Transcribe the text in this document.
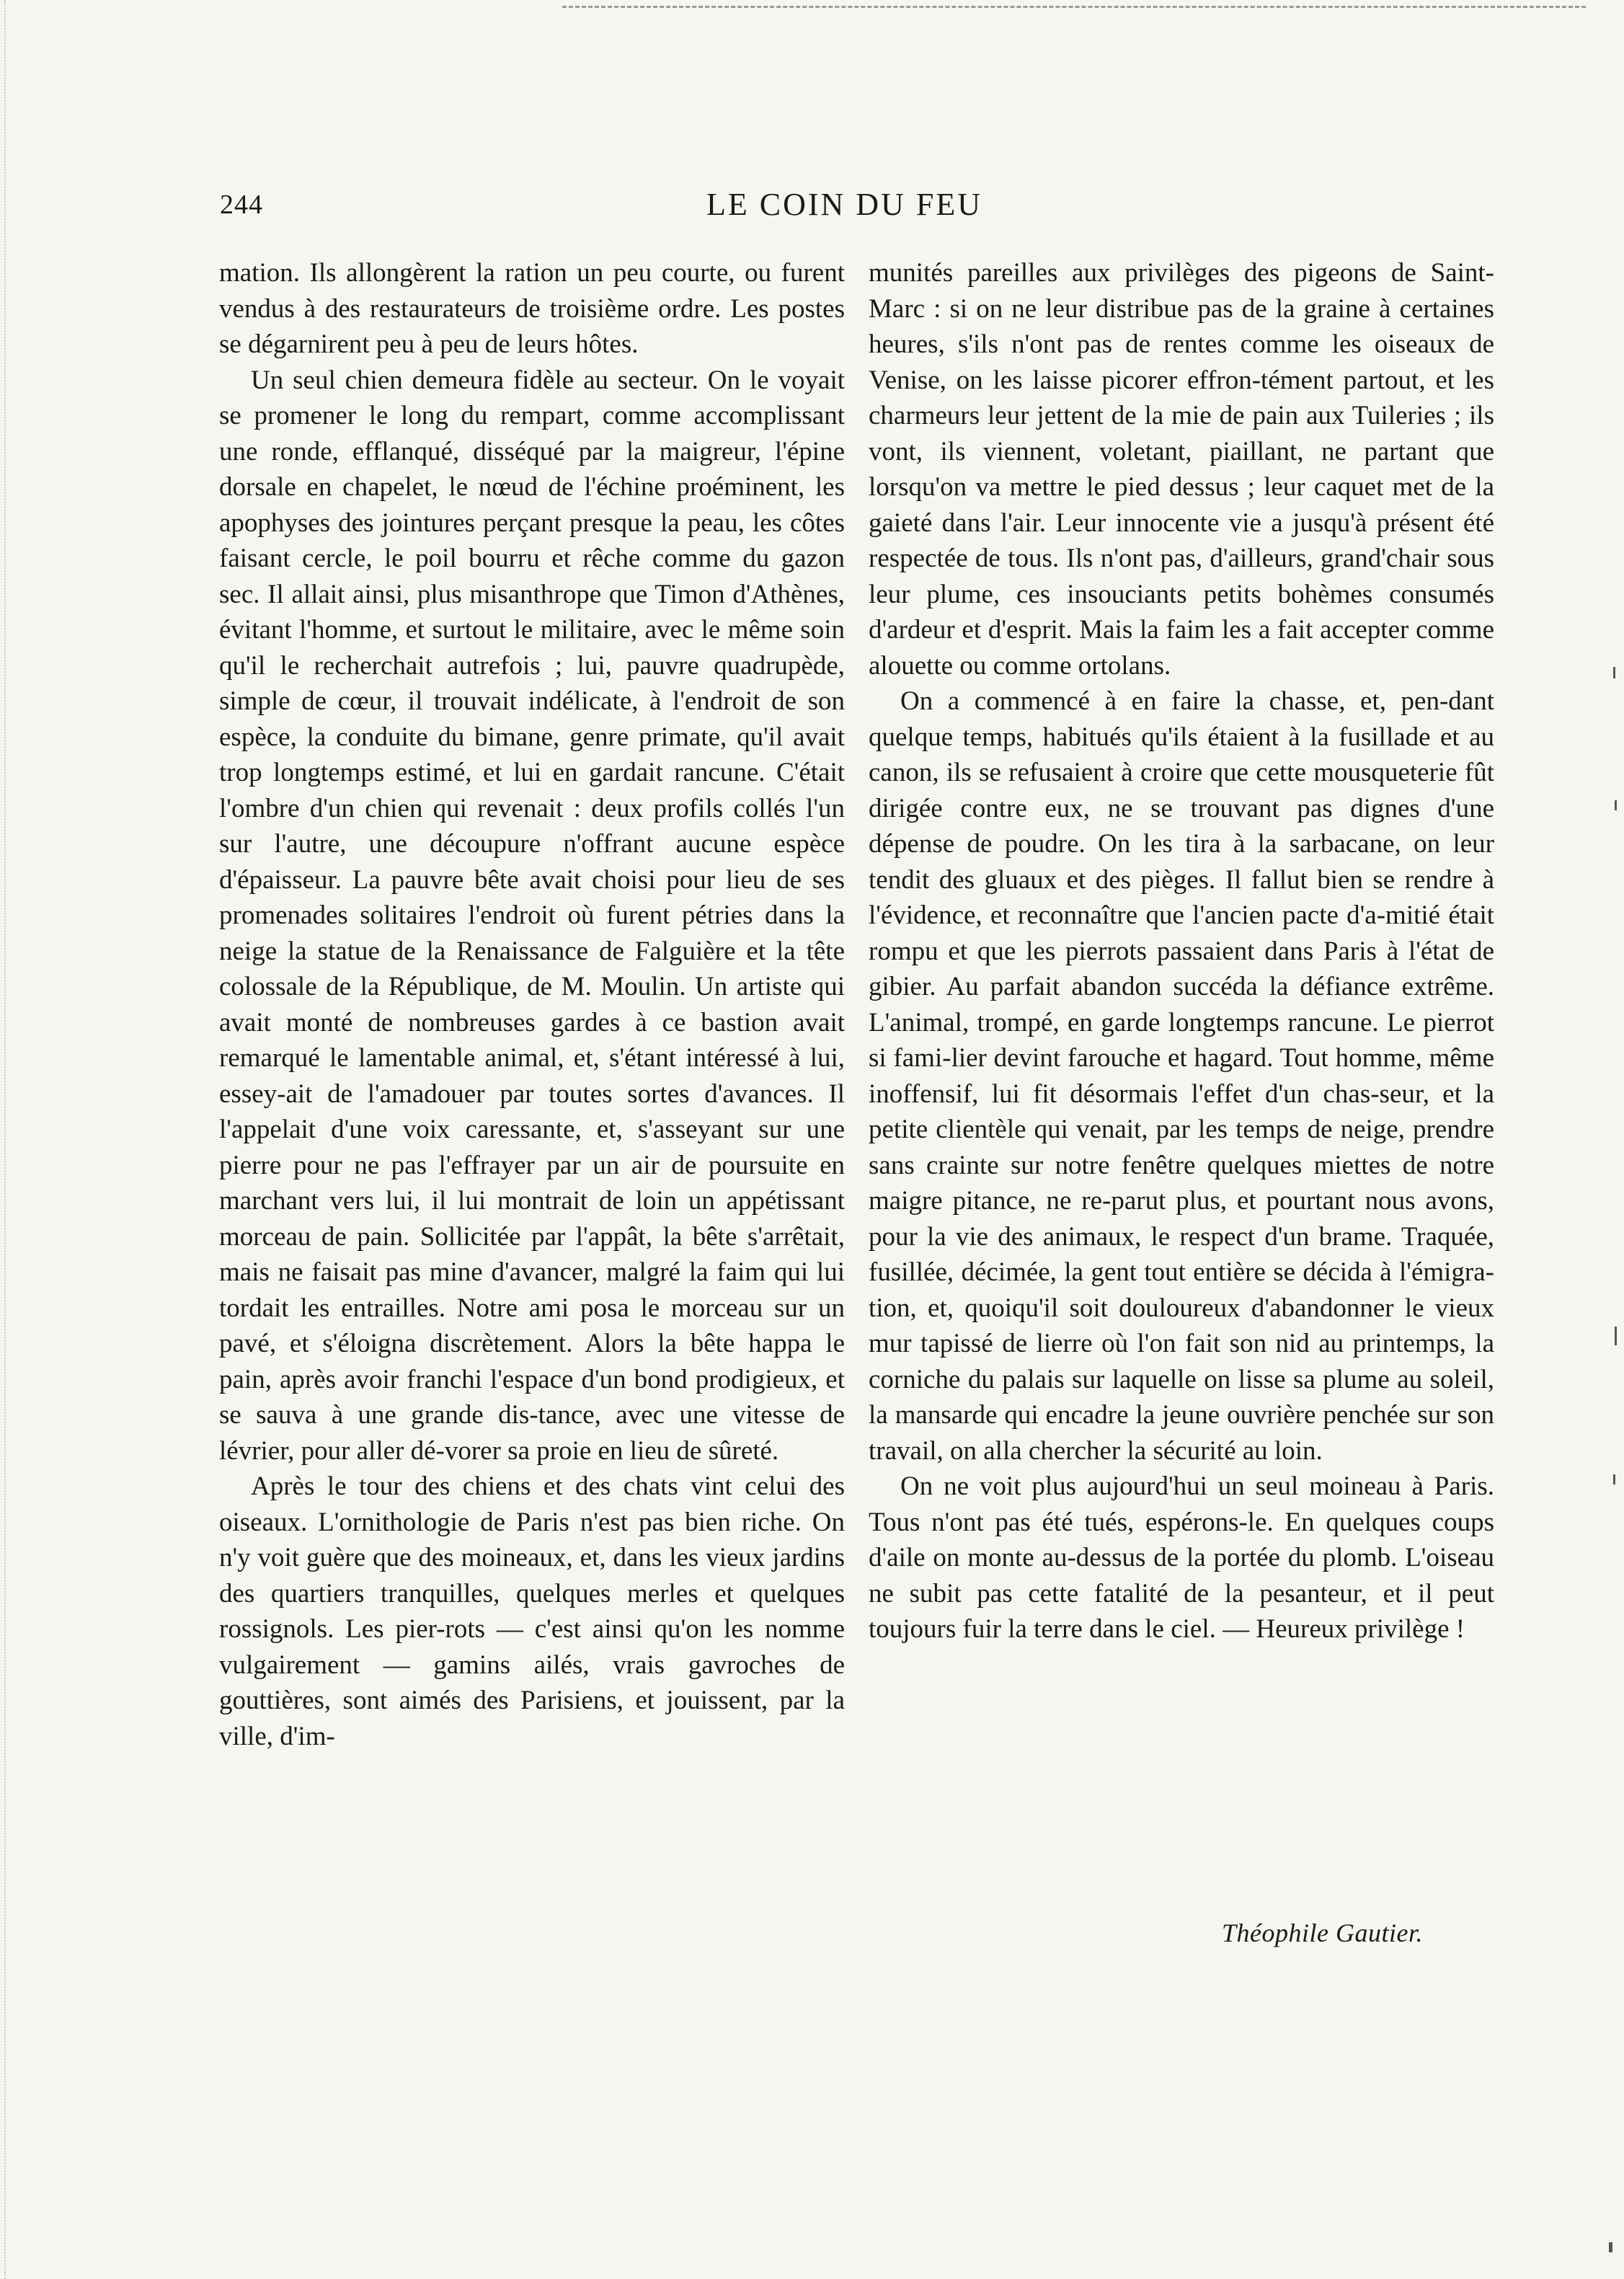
244	LE COIN DU FEU

mation. Ils allongèrent la ration un peu courte, ou furent vendus à des restaurateurs de troisième ordre. Les postes se dégarnirent peu à peu de leurs hôtes.

Un seul chien demeura fidèle au secteur. On le voyait se promener le long du rempart, comme accomplissant une ronde, efflanqué, disséqué par la maigreur, l'épine dorsale en chapelet, le nœud de l'échine proéminent, les apophyses des jointures perçant presque la peau, les côtes faisant cercle, le poil bourru et rêche comme du gazon sec. Il allait ainsi, plus misanthrope que Timon d'Athènes, évitant l'homme, et surtout le militaire, avec le même soin qu'il le recherchait autrefois ; lui, pauvre quadrupède, simple de cœur, il trouvait indélicate, à l'endroit de son espèce, la conduite du bimane, genre primate, qu'il avait trop longtemps estimé, et lui en gardait rancune. C'était l'ombre d'un chien qui revenait : deux profils collés l'un sur l'autre, une découpure n'offrant aucune espèce d'épaisseur. La pauvre bête avait choisi pour lieu de ses promenades solitaires l'endroit où furent pétries dans la neige la statue de la Renaissance de Falguière et la tête colossale de la République, de M. Moulin. Un artiste qui avait monté de nombreuses gardes à ce bastion avait remarqué le lamentable animal, et, s'étant intéressé à lui, essey-ait de l'amadouer par toutes sortes d'avances. Il l'appelait d'une voix caressante, et, s'asseyant sur une pierre pour ne pas l'effrayer par un air de poursuite en marchant vers lui, il lui montrait de loin un appétissant morceau de pain. Sollicitée par l'appât, la bête s'arrêtait, mais ne faisait pas mine d'avancer, malgré la faim qui lui tordait les entrailles. Notre ami posa le morceau sur un pavé, et s'éloigna discrètement. Alors la bête happa le pain, après avoir franchi l'espace d'un bond prodigieux, et se sauva à une grande dis-tance, avec une vitesse de lévrier, pour aller dé-vorer sa proie en lieu de sûreté.

Après le tour des chiens et des chats vint celui des oiseaux. L'ornithologie de Paris n'est pas bien riche. On n'y voit guère que des moineaux, et, dans les vieux jardins des quartiers tranquilles, quelques merles et quelques rossignols. Les pier-rots — c'est ainsi qu'on les nomme vulgairement — gamins ailés, vrais gavroches de gouttières, sont aimés des Parisiens, et jouissent, par la ville, d'im-

munités pareilles aux privilèges des pigeons de Saint-Marc : si on ne leur distribue pas de la graine à certaines heures, s'ils n'ont pas de rentes comme les oiseaux de Venise, on les laisse picorer effron-tément partout, et les charmeurs leur jettent de la mie de pain aux Tuileries ; ils vont, ils viennent, voletant, piaillant, ne partant que lorsqu'on va mettre le pied dessus ; leur caquet met de la gaieté dans l'air. Leur innocente vie a jusqu'à présent été respectée de tous. Ils n'ont pas, d'ailleurs, grand'chair sous leur plume, ces insouciants petits bohèmes consumés d'ardeur et d'esprit. Mais la faim les a fait accepter comme alouette ou comme ortolans.

On a commencé à en faire la chasse, et, pen-dant quelque temps, habitués qu'ils étaient à la fusillade et au canon, ils se refusaient à croire que cette mousqueterie fût dirigée contre eux, ne se trouvant pas dignes d'une dépense de poudre. On les tira à la sarbacane, on leur tendit des gluaux et des pièges. Il fallut bien se rendre à l'évidence, et reconnaître que l'ancien pacte d'a-mitié était rompu et que les pierrots passaient dans Paris à l'état de gibier. Au parfait abandon succéda la défiance extrême. L'animal, trompé, en garde longtemps rancune. Le pierrot si fami-lier devint farouche et hagard. Tout homme, même inoffensif, lui fit désormais l'effet d'un chas-seur, et la petite clientèle qui venait, par les temps de neige, prendre sans crainte sur notre fenêtre quelques miettes de notre maigre pitance, ne re-parut plus, et pourtant nous avons, pour la vie des animaux, le respect d'un brame. Traquée, fusillée, décimée, la gent tout entière se décida à l'émigra-tion, et, quoiqu'il soit douloureux d'abandonner le vieux mur tapissé de lierre où l'on fait son nid au printemps, la corniche du palais sur laquelle on lisse sa plume au soleil, la mansarde qui encadre la jeune ouvrière penchée sur son travail, on alla chercher la sécurité au loin.

On ne voit plus aujourd'hui un seul moineau à Paris. Tous n'ont pas été tués, espérons-le. En quelques coups d'aile on monte au-dessus de la portée du plomb. L'oiseau ne subit pas cette fatalité de la pesanteur, et il peut toujours fuir la terre dans le ciel. — Heureux privilège !

Théophile Gautier.
